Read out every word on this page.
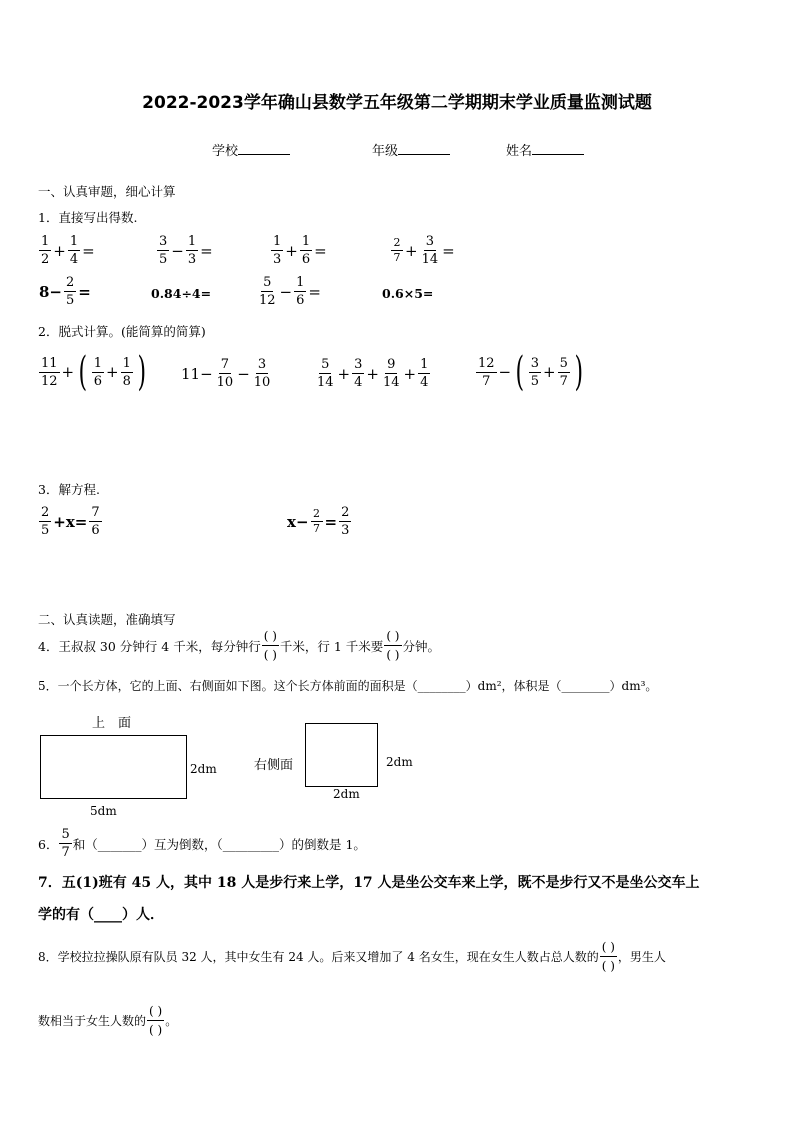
2022-2023学年确山县数学五年级第二学期期末学业质量监测试题
学校	年级	姓名
一、认真审题，细心计算
1．直接写出得数.
$\frac{1}{2} + \frac{1}{4}$ =	$\frac{3}{5} - \frac{1}{3}$ =	$\frac{1}{3} + \frac{1}{6}$ =	$\frac{2}{7} + \frac{3}{14}$ =
$8- \frac{2}{5}$ =	0.84÷4=	$\frac{5}{12} - \frac{1}{6}$ =	0.6×5=
2．脱式计算。(能简算的简算)
$\frac{11}{12}$ + ( $\frac{1}{6} + \frac{1}{8}$ ) $11- \frac{7}{10} - \frac{3}{10}$	$\frac{5}{14} + \frac{3}{4} + \frac{9}{14} + \frac{1}{4}$	$\frac{12}{7}$ − ( $\frac{3}{5} + \frac{5}{7}$ )
3．解方程.
$\frac{2}{5} +x= \frac{7}{6}$	$x- \frac{2}{7} = \frac{2}{3}$
二、认真读题，准确填写
4．王叔叔 30 分钟行 4 千米，每分钟行 $\frac{( )}{( )}$ 千米，行 1 千米要 $\frac{( )}{( )}$ 分钟。
5．一个长方体，它的上面、右侧面如下图。这个长方体前面的面积是（________）dm²，体积是（________）dm³。
上　面
2dm
5dm
右侧面	2dm
2dm
6． $\frac{5}{7}$ 和（_______）互为倒数，（_________）的倒数是 1。
7．五(1)班有 45 人，其中 18 人是步行来上学，17 人是坐公交车来上学，既不是步行又不是坐公交车上
学的有（____）人．
8．学校拉拉操队原有队员 32 人，其中女生有 24 人。后来又增加了 4 名女生，现在女生人数占总人数的 $\frac{( )}{( )}$ ，男生人
数相当于女生人数的 $\frac{( )}{( )}$ 。
